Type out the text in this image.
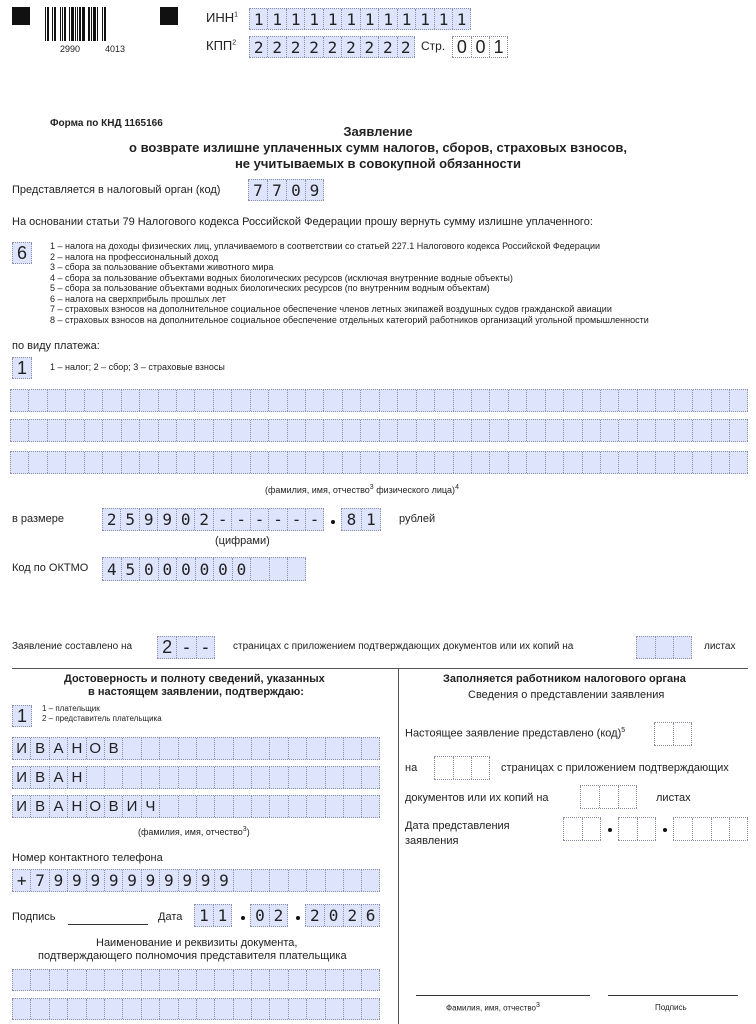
2990	4013
ИНН$^1$ 1 1 1 1 1 1 1 1 1 1 1 1
КПП$^2$	2 2 2 2 2 2 2 2 2 Стр. 0 0 1
Форма по КНД 1165166
Заявление
о возврате излишне уплаченных сумм налогов, сборов, страховых взносов,
не учитываемых в совокупной обязанности
Представляется в налоговый орган (код)	7 7 0 9
На основании статьи 79 Налогового кодекса Российской Федерации прошу вернуть сумму излишне уплаченного:
6	1 – налога на доходы физических лиц, уплачиваемого в соответствии со статьей 227.1 Налогового кодекса Российской Федерации
2 – налога на профессиональный доход
3 – сбора за пользование объектами животного мира
4 – сбора за пользование объектами водных биологических ресурсов (исключая внутренние водные объекты)
5 – сбора за пользование объектами водных биологических ресурсов (по внутренним водным объектам)
6 – налога на сверхприбыль прошлых лет
7 – страховых взносов на дополнительное социальное обеспечение членов летных экипажей воздушных судов гражданской авиации
8 – страховых взносов на дополнительное социальное обеспечение отдельных категорий работников организаций угольной промышленности
по виду платежа:
1	1 – налог; 2 – сбор; 3 – страховые взносы
(фамилия, имя, отчество$^3$ физического лица)$^4$
в размере	2 5 9 9 0 2 - - - - - -	8 1	рублей
(цифрами)
Код по ОКТМО	4 5 0 0 0 0 0 0
Заявление составлено на 2 - -	страницах с приложением подтверждающих документов или их копий на	листах
Достоверность и полноту сведений, указанных
в настоящем заявлении, подтверждаю:
1	1 – плательщик
2 – представитель плательщика
И В А Н О В
И В А Н
И В А Н О В И Ч
(фамилия, имя, отчество$^3$)
Номер контактного телефона
+ 7 9 9 9 9 9 9 9 9 9 9
Подпись	Дата	1 1	0 2	2 0 2 6
Наименование и реквизиты документа,
подтверждающего полномочия представителя плательщика
Заполняется работником налогового органа
Сведения о представлении заявления
Настоящее заявление представлено (код)$^5$
на	страницах с приложением подтверждающих
документов или их копий на	листах
Дата представления
заявления
Фамилия, имя, отчество$^3$	Подпись
